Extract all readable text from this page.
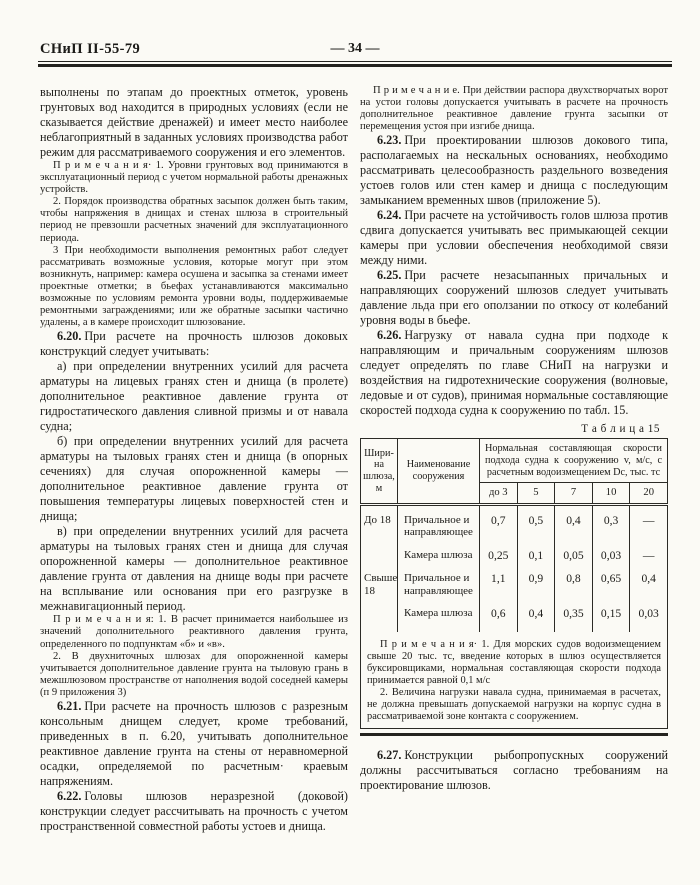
СНиП II-55-79	— 34 —

выполнены по этапам до проектных отметок, уровень грунтовых вод находится в природных условиях (если не сказывается действие дренажей) и имеет место наиболее неблагоприятный в заданных условиях производства работ режим для рассматриваемого сооружения и его элементов.

П р и м е ч а н и я· 1. Уровни грунтовых вод принимаются в эксплуатационный период с учетом нормальной работы дренажных устройств.

2. Порядок производства обратных засыпок должен быть таким, чтобы напряжения в днищах и стенах шлюза в строительный период не превзошли расчетных значений для эксплуатационного периода.

3 При необходимости выполнения ремонтных работ следует рассматривать возможные условия, которые могут при этом возникнуть, например: камера осушена и засыпка за стенами имеет проектные отметки; в бьефах устанавливаются максимально возможные по условиям ремонта уровни воды, поддерживаемые ремонтными заграждениями; или же обратные засыпки частично удалены, а в камере происходит шлюзование.

6.20. При расчете на прочность шлюзов доковых конструкций следует учитывать:

а) при определении внутренних усилий для расчета арматуры на лицевых гранях стен и днища (в пролете) дополнительное реактивное давление грунта от гидростатического давления сливной призмы и от навала судна;

б) при определении внутренних усилий для расчета арматуры на тыловых гранях стен и днища (в опорных сечениях) для случая опорожненной камеры — дополнительное реактивное давление грунта от повышения температуры лицевых поверхностей стен и днища;

в) при определении внутренних усилий для расчета арматуры на тыловых гранях стен и днища для случая опорожненной камеры — дополнительное реактивное давление грунта от давления на днище воды при расчете на всплывание или основания при его разгрузке в межнавигационный период.

П р и м е ч а н и я: 1. В расчет принимается наибольшее из значений дополнительного реактивного давления грунта, определенного по подпунктам «б» и «в».

2. В двухниточных шлюзах для опорожненной камеры учитывается дополнительное давление грунта на тыловую грань в межшлюзовом пространстве от наполнения водой соседней камеры (п 9 приложения 3)

6.21. При расчете на прочность шлюзов с разрезным консольным днищем следует, кроме требований, приведенных в п. 6.20, учитывать дополнительное реактивное давление грунта на стены от неравномерной осадки, определяемой по расчетным· краевым напряжениям.

6.22. Головы шлюзов неразрезной (доковой) конструкции следует рассчитывать на прочность с учетом пространственной совместной работы устоев и днища.

П р и м е ч а н и е. При действии распора двухстворчатых ворот на устои головы допускается учитывать в расчете на прочность дополнительное реактивное давление грунта засыпки от перемещения устоя при изгибе днища.

6.23. При проектировании шлюзов докового типа, располагаемых на нескальных основаниях, необходимо рассматривать целесообразность раздельного возведения устоев голов или стен камер и днища с последующим замыканием временных швов (приложение 5).

6.24. При расчете на устойчивость голов шлюза против сдвига допускается учитывать вес примыкающей секции камеры при условии обеспечения необходимой связи между ними.

6.25. При расчете незасыпанных причальных и направляющих сооружений шлюзов следует учитывать давление льда при его оползании по откосу от колебаний уровня воды в бьефе.

6.26. Нагрузку от навала судна при подходе к направляющим и причальным сооружениям шлюзов следует определять по главе СНиП на нагрузки и воздействия на гидротехнические сооружения (волновые, ледовые и от судов), принимая нормальные составляющие скоростей подхода судна к сооружению по табл. 15.

Т а б л и ц а 15
Ширина шлюза, м	Наименование сооружения	Нормальная составляющая скорости подхода судна к сооружению v, м/с, с расчетным водоизмещением Dс, тыс. тс				
		до 3	5	7	10	20
До 18	Причальное и направляющее	0,7	0,5	0,4	0,3	—
	Камера шлюза	0,25	0,1	0,05	0,03	—
Свыше 18	Причальное и направляющее	1,1	0,9	0,8	0,65	0,4
	Камера шлюза	0,6	0,4	0,35	0,15	0,03

П р и м е ч а н и я· 1. Для морских судов водоизмещением свыше 20 тыс. тс, введение которых в шлюз осуществляется буксировщиками, нормальная составляющая скорости подхода принимается равной 0,1 м/с

2. Величина нагрузки навала судна, принимаемая в расчетах, не должна превышать допускаемой нагрузки на корпус судна в рассматриваемой зоне контакта с сооружением.						

6.27. Конструкции рыбопропускных сооружений должны рассчитываться согласно требованиям на проектирование шлюзов.
